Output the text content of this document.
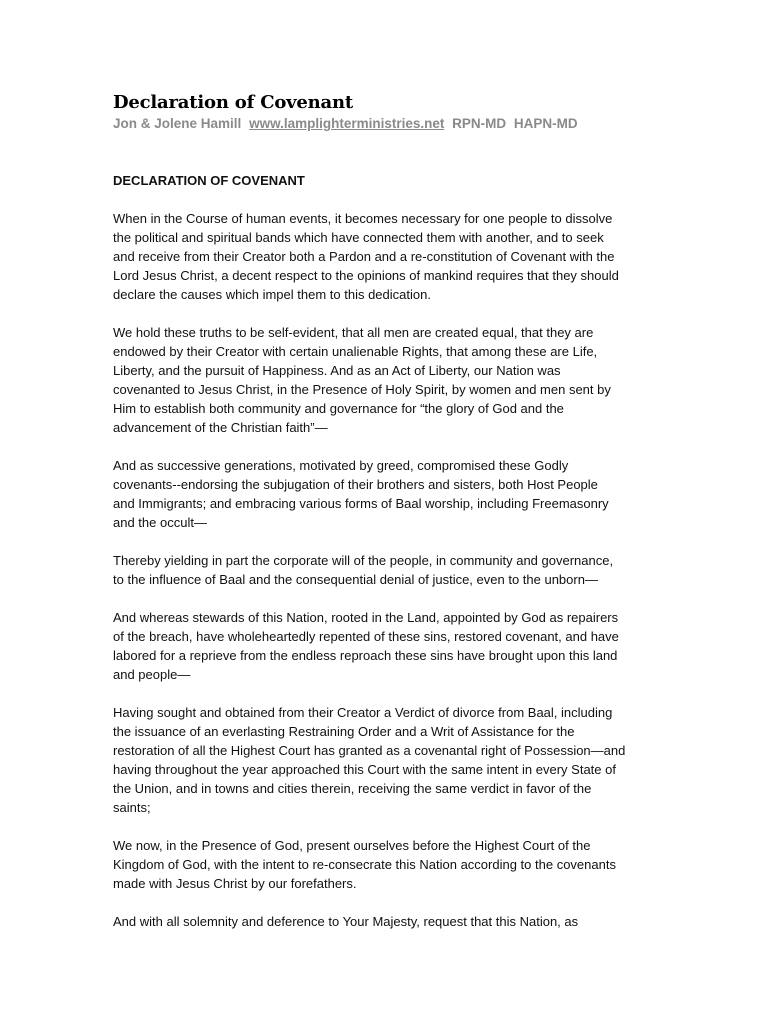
Declaration of Covenant
Jon & Jolene Hamill www.lamplighterministries.net RPN-MD HAPN-MD
DECLARATION OF COVENANT

When in the Course of human events, it becomes necessary for one people to dissolve
the political and spiritual bands which have connected them with another, and to seek
and receive from their Creator both a Pardon and a re-constitution of Covenant with the
Lord Jesus Christ, a decent respect to the opinions of mankind requires that they should
declare the causes which impel them to this dedication.

We hold these truths to be self-evident, that all men are created equal, that they are
endowed by their Creator with certain unalienable Rights, that among these are Life,
Liberty, and the pursuit of Happiness. And as an Act of Liberty, our Nation was
covenanted to Jesus Christ, in the Presence of Holy Spirit, by women and men sent by
Him to establish both community and governance for “the glory of God and the
advancement of the Christian faith”—

And as successive generations, motivated by greed, compromised these Godly
covenants--endorsing the subjugation of their brothers and sisters, both Host People
and Immigrants; and embracing various forms of Baal worship, including Freemasonry
and the occult—

Thereby yielding in part the corporate will of the people, in community and governance,
to the influence of Baal and the consequential denial of justice, even to the unborn—

And whereas stewards of this Nation, rooted in the Land, appointed by God as repairers
of the breach, have wholeheartedly repented of these sins, restored covenant, and have
labored for a reprieve from the endless reproach these sins have brought upon this land
and people—

Having sought and obtained from their Creator a Verdict of divorce from Baal, including
the issuance of an everlasting Restraining Order and a Writ of Assistance for the
restoration of all the Highest Court has granted as a covenantal right of Possession—and
having throughout the year approached this Court with the same intent in every State of
the Union, and in towns and cities therein, receiving the same verdict in favor of the
saints;

We now, in the Presence of God, present ourselves before the Highest Court of the
Kingdom of God, with the intent to re-consecrate this Nation according to the covenants
made with Jesus Christ by our forefathers.

And with all solemnity and deference to Your Majesty, request that this Nation, as
